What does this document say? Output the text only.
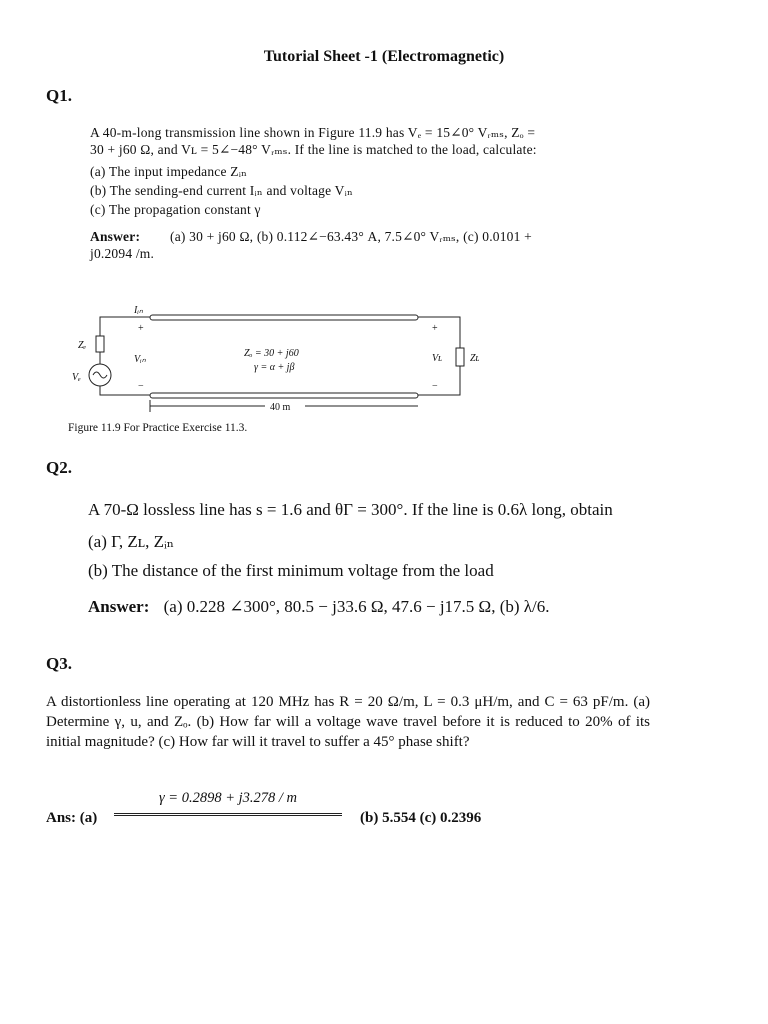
Tutorial Sheet -1 (Electromagnetic)
Q1.
A 40-m-long transmission line shown in Figure 11.9 has Vₑ = 15∠0° Vᵣₘₛ, Zₒ =
30 + j60 Ω, and Vʟ = 5∠−48° Vᵣₘₛ. If the line is matched to the load, calculate:
(a) The input impedance Zᵢₙ
(b) The sending-end current Iᵢₙ and voltage Vᵢₙ
(c) The propagation constant γ
Answer:	(a) 30 + j60 Ω, (b) 0.112∠−63.43° A, 7.5∠0° Vᵣₘₛ, (c) 0.0101 +
j0.2094 /m.
Iᵢₙ
+
−
Zₑ
Vₑ
Vᵢₙ
Zₒ = 30 + j60
γ = α + jβ
+
−
Vʟ	Zʟ
40 m
Figure 11.9 For Practice Exercise 11.3.
Q2.
A 70-Ω lossless line has s = 1.6 and θΓ = 300°. If the line is 0.6λ long, obtain
(a) Γ, Zʟ, Zᵢₙ
(b) The distance of the first minimum voltage from the load
Answer: (a) 0.228 ∠300°, 80.5 − j33.6 Ω, 47.6 − j17.5 Ω, (b) λ/6.
Q3.
A distortionless line operating at 120 MHz has R = 20 Ω/m, L = 0.3 μH/m, and C = 63 pF/m. (a) Determine γ, u, and Zₒ. (b) How far will a voltage wave travel before it is reduced to 20% of its initial magnitude? (c) How far will it travel to suffer a 45° phase shift?
Ans: (a)
γ = 0.2898 + j3.278 / m
(b) 5.554 (c) 0.2396
